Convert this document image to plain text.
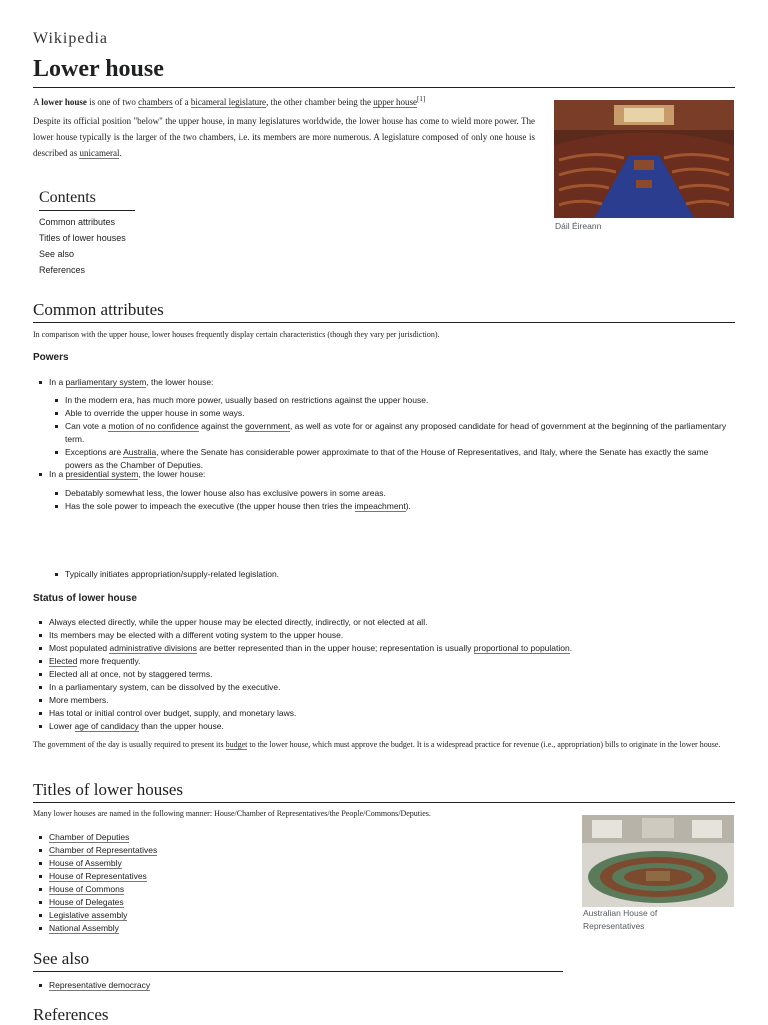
Wikipedia
Lower house
A lower house is one of two chambers of a bicameral legislature, the other chamber being the upper house[1]
Despite its official position "below" the upper house, in many legislatures worldwide, the lower house has come to wield more power. The lower house typically is the larger of the two chambers, i.e. its members are more numerous. A legislature composed of only one house is described as unicameral.
Dáil Éireann
Contents
Common attributes
Titles of lower houses
See also
References
Common attributes
In comparison with the upper house, lower houses frequently display certain characteristics (though they vary per jurisdiction).
Powers
In a parliamentary system, the lower house:
In the modern era, has much more power, usually based on restrictions against the upper house.
Able to override the upper house in some ways.
Can vote a motion of no confidence against the government, as well as vote for or against any proposed candidate for head of government at the beginning of the parliamentary term.
Exceptions are Australia, where the Senate has considerable power approximate to that of the House of Representatives, and Italy, where the Senate has exactly the same powers as the Chamber of Deputies.
In a presidential system, the lower house:
Debatably somewhat less, the lower house also has exclusive powers in some areas.
Has the sole power to impeach the executive (the upper house then tries the impeachment).
Typically initiates appropriation/supply-related legislation.
Status of lower house
Always elected directly, while the upper house may be elected directly, indirectly, or not elected at all.
Its members may be elected with a different voting system to the upper house.
Most populated administrative divisions are better represented than in the upper house; representation is usually proportional to population.
Elected more frequently.
Elected all at once, not by staggered terms.
In a parliamentary system, can be dissolved by the executive.
More members.
Has total or initial control over budget, supply, and monetary laws.
Lower age of candidacy than the upper house.
The government of the day is usually required to present its budget to the lower house, which must approve the budget. It is a widespread practice for revenue (i.e., appropriation) bills to originate in the lower house.
Titles of lower houses
Many lower houses are named in the following manner: House/Chamber of Representatives/the People/Commons/Deputies.
Chamber of Deputies
Chamber of Representatives
House of Assembly
House of Representatives
House of Commons
House of Delegates
Legislative assembly
National Assembly
Australian House of
Representatives
See also
Representative democracy
References
